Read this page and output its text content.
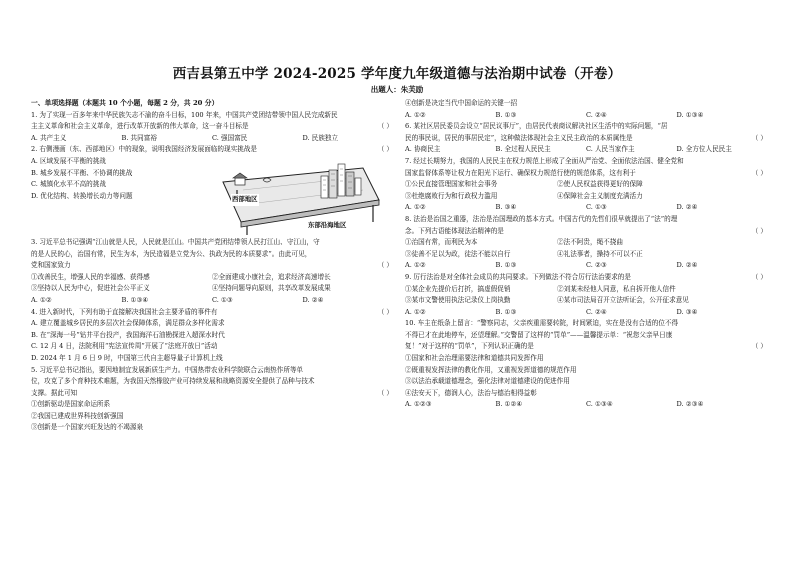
西吉县第五中学 2024-2025 学年度九年级道德与法治期中试卷（开卷）
出题人：朱芙励
一、单项选择题（本题共 10 个小题，每题 2 分，共 20 分）
1. 为了实现一百多年来中华民族矢志不渝的奋斗目标，100 年来，中国共产党团结带领中国人民完成新民
主主义革命和社会主义革命，进行改革开放新的伟大革命，这一奋斗目标是	（ ）
A. 共产主义	B. 共同富裕	C. 强国富民	D. 民族独立
2. 右侧漫画（东、西部地区）中的现象，说明我国经济发展面临的现实挑战是	（ ）
A. 区域发展不平衡的挑战
B. 城乡发展不平衡、不协调的挑战
C. 城镇化水平不高的挑战
D. 优化结构、转换增长动力等问题	西部地区
东部沿海地区
3. 习近平总书记强调“江山就是人民，人民就是江山。中国共产党团结带领人民打江山、守江山，守
的是人民的心，治国有常，民生为本，为民造福是立党为公、执政为民的本质要求”。由此可见，
党和国家致力	（ ）
①改善民生，增强人民的幸福感、获得感	②全面建成小康社会，追求经济高速增长
③坚持以人民为中心，促进社会公平正义	④坚持问题导向原则，共享改革发展成果
A. ①②	B. ①③④	C. ①③	D. ②④
4. 进入新时代，下列有助于直接解决我国社会主要矛盾的事件有	（ ）
A. 建立覆盖城乡居民的多层次社会保障体系，满足群众多样化需求
B. 在“深海一号”钻井平台投产，我国海洋石油勘探进入超深水时代
C. 12 月 4 日，法院利用“宪法宣传周”开展了“法庭开放日”活动
D. 2024 年 1 月 6 日 9 时，中国第三代自主超导量子计算机上线
5. 习近平总书记指出，要因地制宜发展新质生产力。中国热带农业科学院联合云南热作所等单
位，攻克了多个育种技术难题，为我国天然橡胶产业可持续发展和战略资源安全提供了品种与技术
支撑。据此可知	（ ）
①创新驱动是国家命运所系
②我国已建成世界科技创新强国
③创新是一个国家兴旺发达的不竭源泉
④创新是决定当代中国命运的关键一招
A. ①②	B. ①③	C. ②④	D. ①③④
6. 某社区居民委员会设立“居民议事厅”，由居民代表商议解决社区生活中的实际问题，“居
民的事民说，居民的事居民定”，这种做法体现社会主义民主政治的本质属性是	（ ）
A. 协商民主	B. 全过程人民民主	C. 人民当家作主	D. 全方位人民民主
7. 经过长期努力，我国的人民民主在权力规范上形成了全面从严治党、全面依法治国、健全党和
国家监督体系等让权力在阳光下运行、确保权力规范行使的规范体系，这有利于	（ ）
①公民直接管理国家和社会事务	②使人民权益获得更好的保障
③杜绝腐败行为和行政权力滥用	④保障社会主义制度充满活力
A. ①②	B. ③④	C. ①③	D. ②④
8. 法治是治国之重器，法治是治国理政的基本方式。中国古代的先哲们很早就提出了“法”的理
念。下列古语能体现法治精神的是	（ ）
①治国有常，而利民为本	②法不阿贵，绳不挠曲
③徒善不足以为政，徒法不能以自行	④礼法事者，操持不可以不正
A. ①②	B. ①③	C. ②③	D. ②④
9. 厉行法治是对全体社会成员的共同要求。下列做法不符合厉行法治要求的是	（ ）
①某企业先提价后打折，搞虚假促销	②刘某未经他人同意，私自拆开他人信件
③某市文警使用执法记录仪上岗执勤	④某市司法局召开立法听证会，公开征求意见
A. ①②	B. ①③	C. ②④	D. ③④
10. 车主在纸条上留言：“警察同志，父亲疾重需要转院，时间紧迫，实在是没有合适的位不得
不得已才在此地停车，还望理解。”交警留了这样的“罚单”——温馨提示单：“祝您父亲早日康
复！”对于这样的“罚单”，下列认识正确的是	（ ）
①国家和社会治理需要法律和道德共同发挥作用
②既重视发挥法律的教化作用，又重视发挥道德的规范作用
③以法治承载道德理念，强化法律对道德建设的促进作用
④法安天下，德润人心，法治与德治相得益彰
A. ①②③	B. ①②④	C. ①③④	D. ②③④
